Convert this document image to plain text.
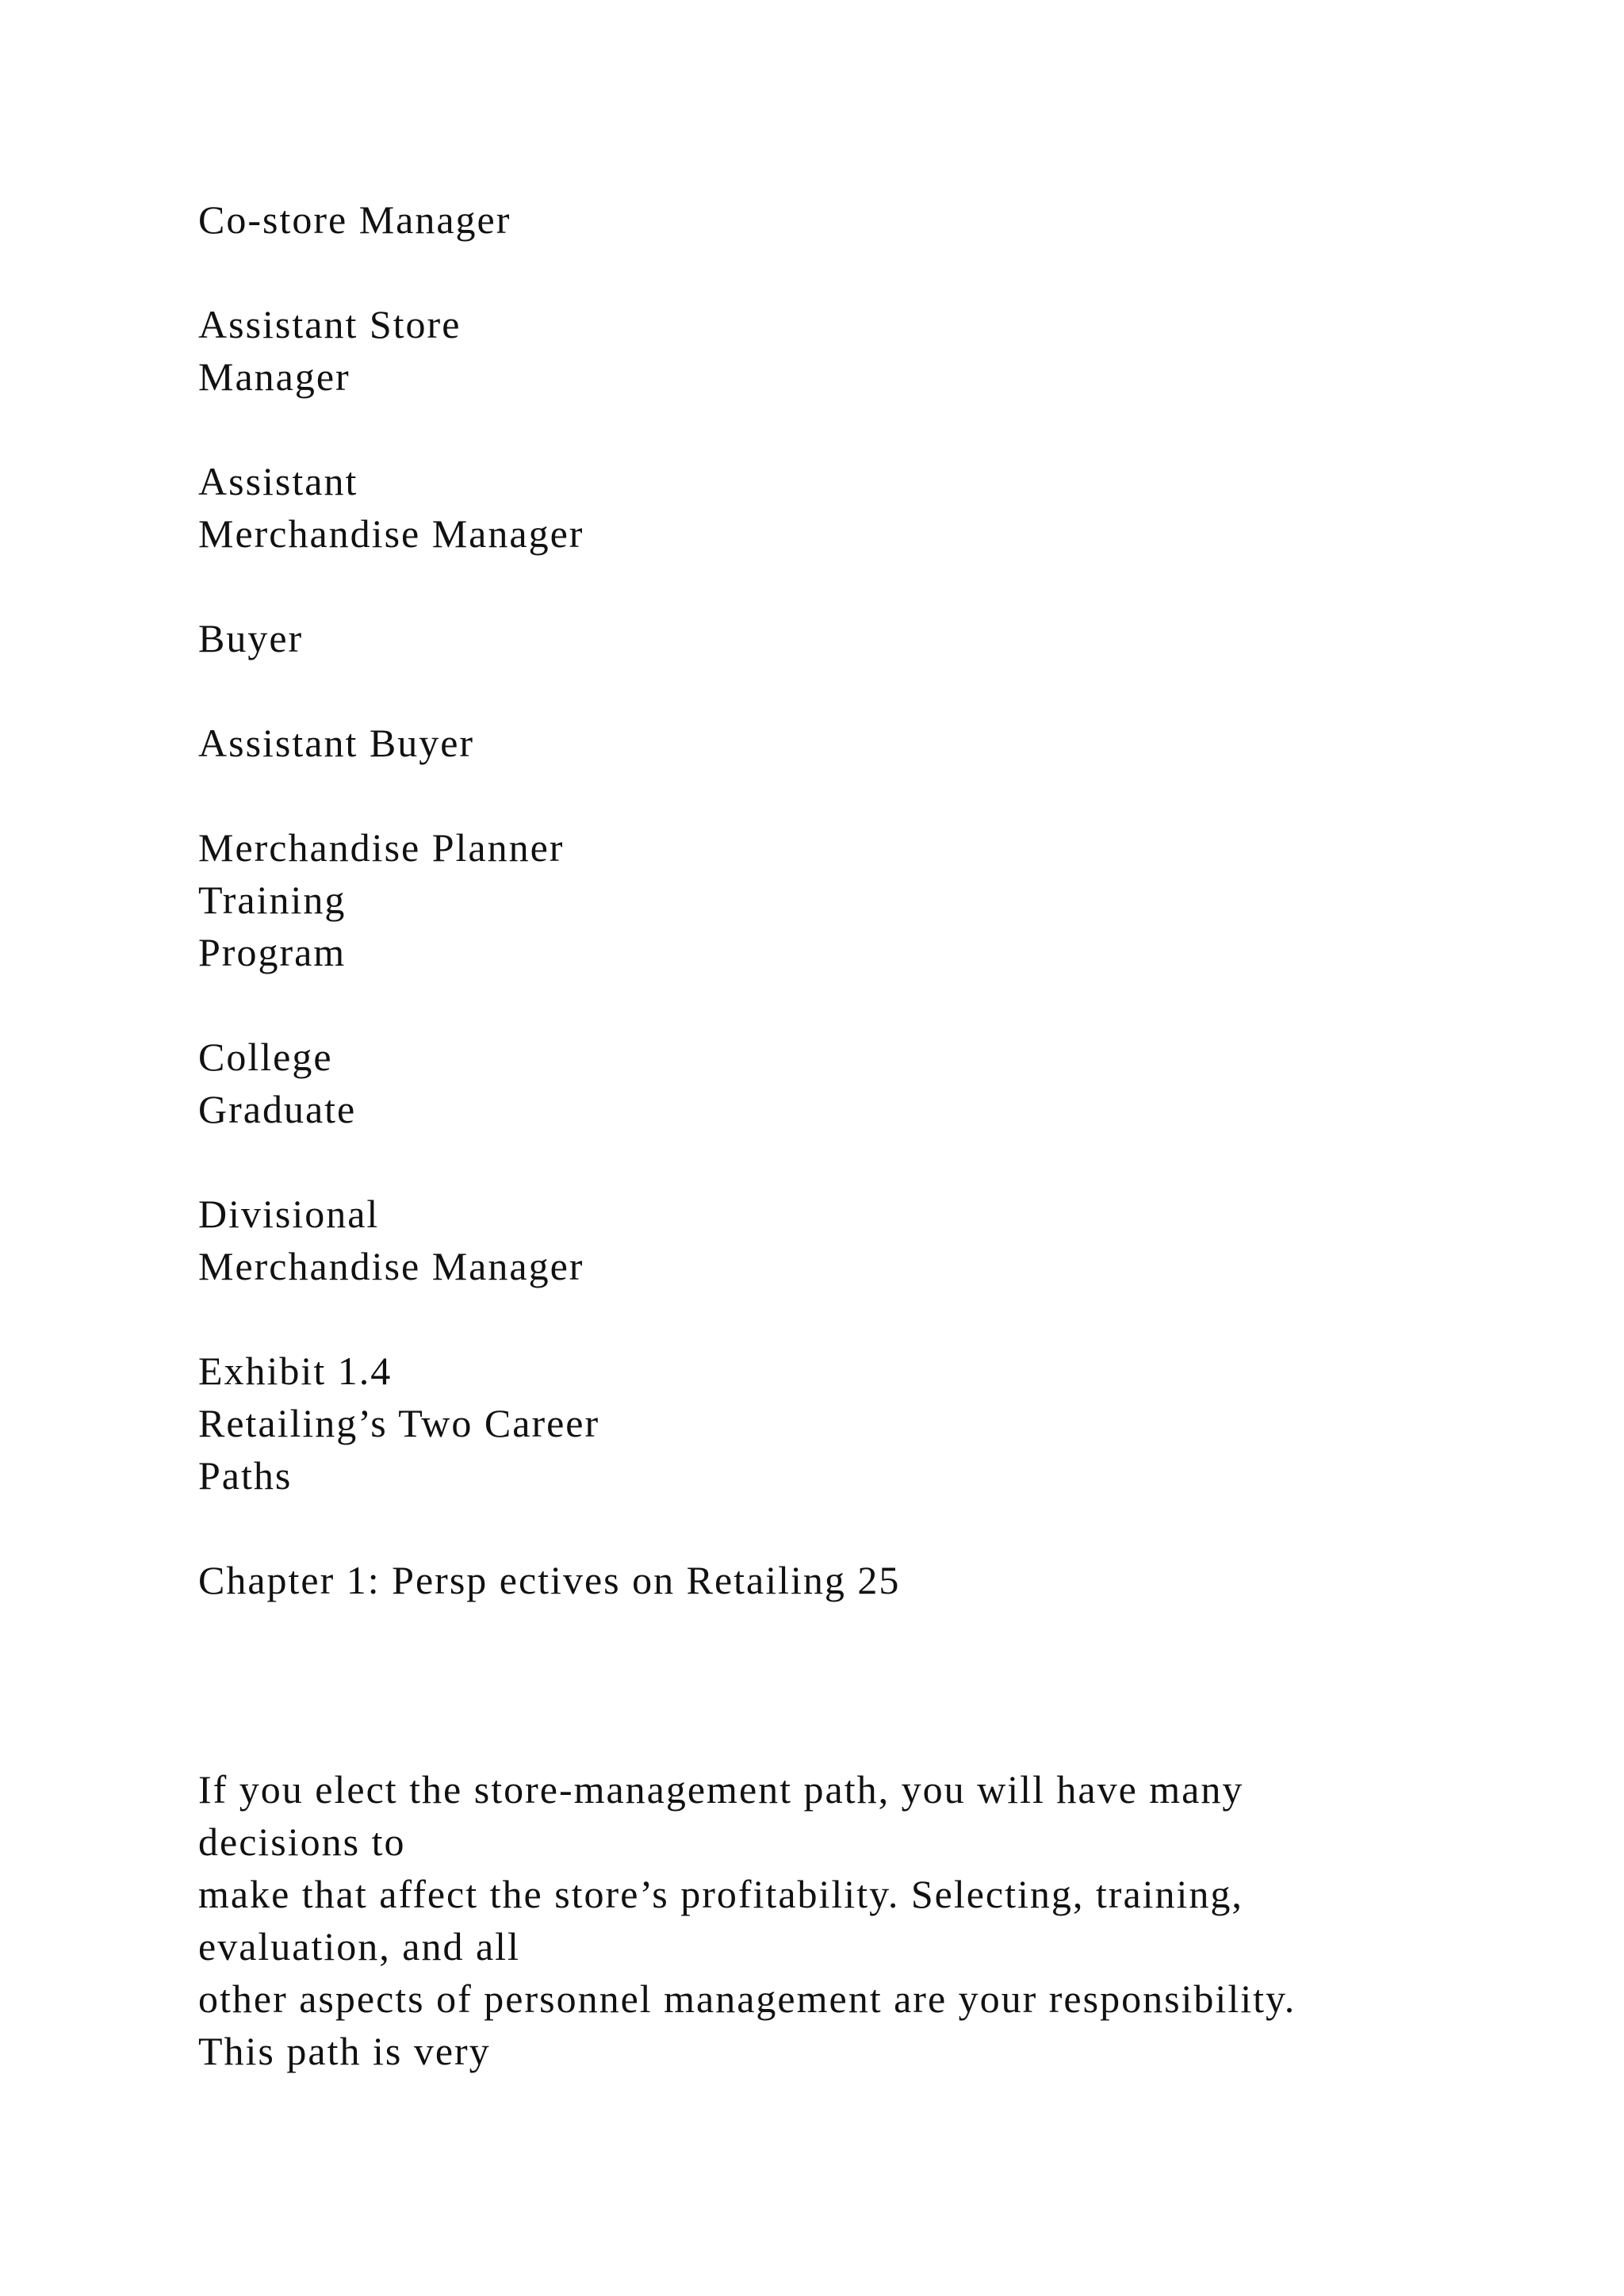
Co-store Manager
Assistant Store
Manager
Assistant
Merchandise Manager
Buyer
Assistant Buyer
Merchandise Planner
Training
Program
College
Graduate
Divisional
Merchandise Manager
Exhibit 1.4
Retailing’s Two Career
Paths
Chapter 1: Persp ectives on Retailing 25
If you elect the store-management path, you will have many
decisions to
make that affect the store’s profitability. Selecting, training,
evaluation, and all
other aspects of personnel management are your responsibility.
This path is very
